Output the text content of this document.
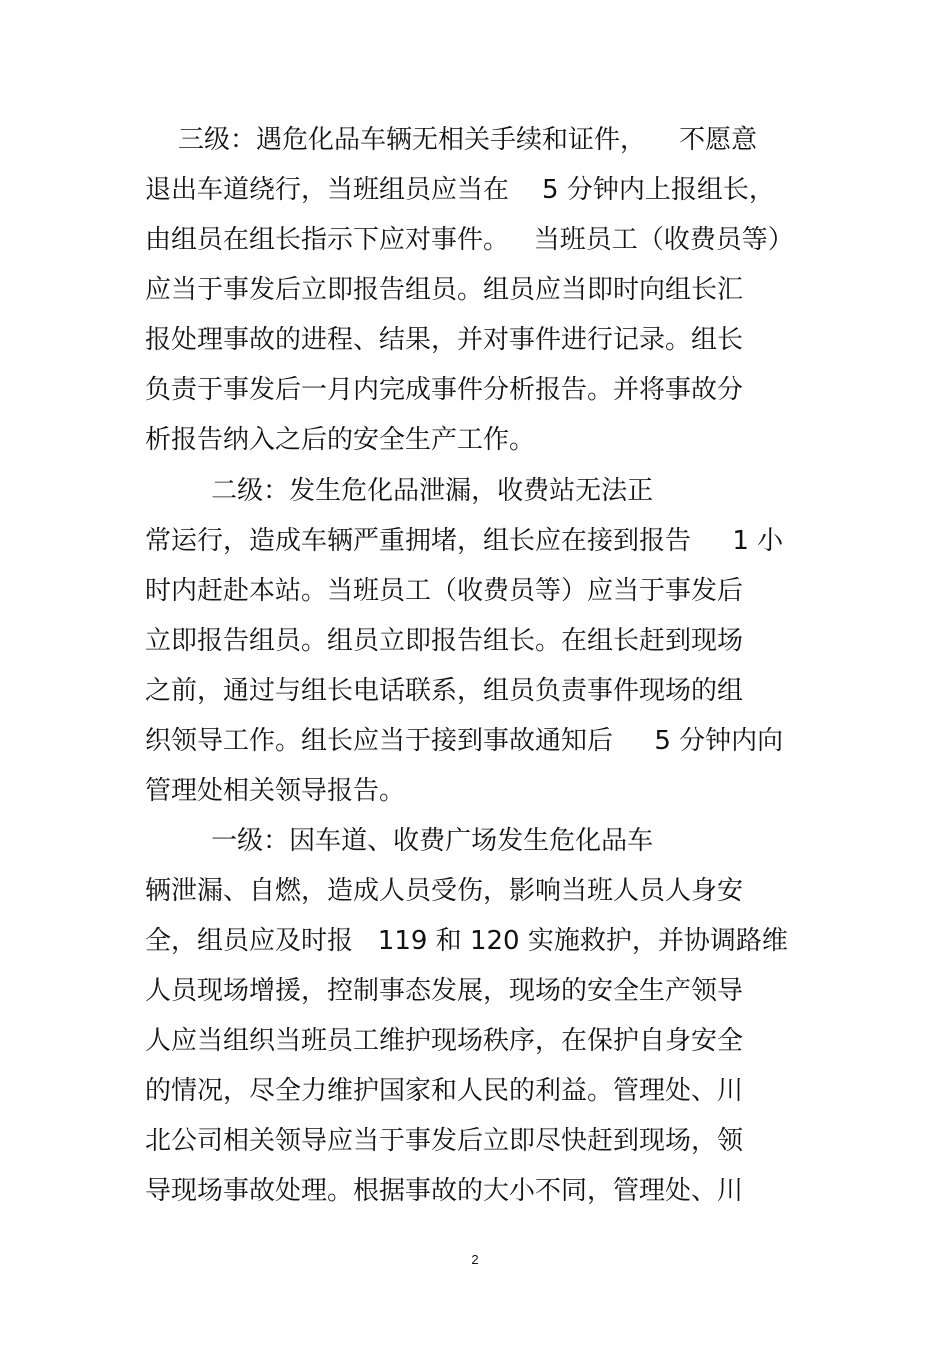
三级：遇危化品车辆无相关手续和证件，    不愿意
退出车道绕行，当班组员应当在    5 分钟内上报组长，
由组员在组长指示下应对事件。   当班员工（收费员等）
应当于事发后立即报告组员。组员应当即时向组长汇
报处理事故的进程、结果，并对事件进行记录。组长
负责于事发后一月内完成事件分析报告。并将事故分
析报告纳入之后的安全生产工作。
二级：发生危化品泄漏，收费站无法正
常运行，造成车辆严重拥堵，组长应在接到报告     1 小
时内赶赴本站。当班员工（收费员等）应当于事发后
立即报告组员。组员立即报告组长。在组长赶到现场
之前，通过与组长电话联系，组员负责事件现场的组
织领导工作。组长应当于接到事故通知后     5 分钟内向
管理处相关领导报告。
一级：因车道、收费广场发生危化品车
辆泄漏、自燃，造成人员受伤，影响当班人员人身安
全，组员应及时报   119 和 120 实施救护，并协调路维
人员现场增援，控制事态发展，现场的安全生产领导
人应当组织当班员工维护现场秩序，在保护自身安全
的情况，尽全力维护国家和人民的利益。管理处、川
北公司相关领导应当于事发后立即尽快赶到现场，领
导现场事故处理。根据事故的大小不同，管理处、川
2
